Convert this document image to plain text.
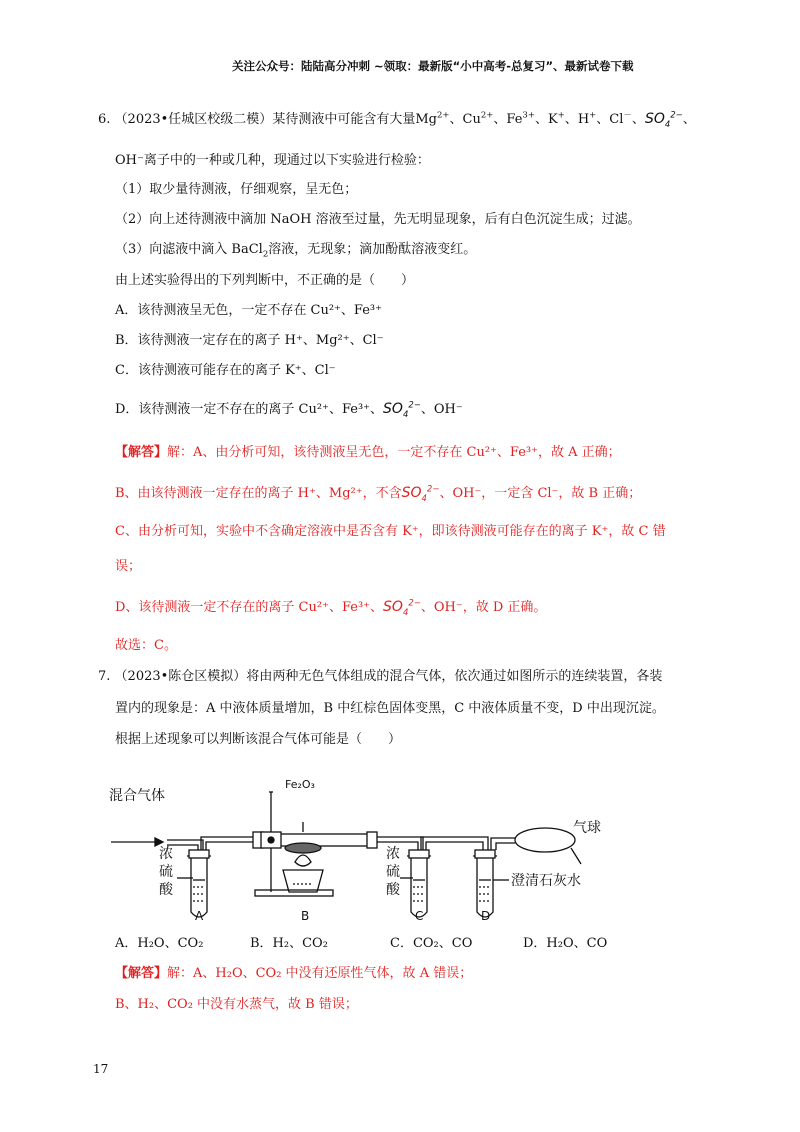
关注公众号：陆陆高分冲刺 ~领取：最新版“小中高考-总复习”、最新试卷下载
6. （2023•任城区校级二模）某待测液中可能含有大量$Mg^{2+}$、$Cu^{2+}$、$Fe^{3+}$、K+、H+、Cl－、$SO_4^{2-}$、
OH⁻离子中的一种或几种，现通过以下实验进行检验：
（1）取少量待测液，仔细观察，呈无色；
（2）向上述待测液中滴加 NaOH 溶液至过量，先无明显现象，后有白色沉淀生成；过滤。
（3）向滤液中滴入 BaCl$_2$溶液，无现象；滴加酚酞溶液变红。
由上述实验得出的下列判断中，不正确的是（　　）
A．该待测液呈无色，一定不存在 Cu²⁺、Fe³⁺
B．该待测液一定存在的离子 H⁺、Mg²⁺、Cl⁻
C．该待测液可能存在的离子 K⁺、Cl⁻
D．该待测液一定不存在的离子 Cu²⁺、Fe³⁺、$SO_4^{2-}$、OH⁻
【解答】解：A、由分析可知，该待测液呈无色，一定不存在 Cu²⁺、Fe³⁺，故 A 正确；
B、由该待测液一定存在的离子 H⁺、Mg²⁺，不含$SO_4^{2-}$、OH⁻，一定含 Cl⁻，故 B 正确；
C、由分析可知，实验中不含确定溶液中是否含有 K⁺，即该待测液可能存在的离子 K⁺，故 C 错
误；
D、该待测液一定不存在的离子 Cu²⁺、Fe³⁺、$SO_4^{2-}$、OH⁻，故 D 正确。
故选：C。
7. （2023•陈仓区模拟）将由两种无色气体组成的混合气体，依次通过如图所示的连续装置，各装
置内的现象是：A 中液体质量增加，B 中红棕色固体变黑，C 中液体质量不变，D 中出现沉淀。
根据上述现象可以判断该混合气体可能是（　　）
混合气体
Fe₂O₃
浓
硫
酸
浓
硫
酸
澄清石灰水
气球
A	B	C	D
A．H₂O、CO₂	B．H₂、CO₂	C．CO₂、CO	D．H₂O、CO
【解答】解：A、H₂O、CO₂ 中没有还原性气体，故 A 错误；
B、H₂、CO₂ 中没有水蒸气，故 B 错误；
17
